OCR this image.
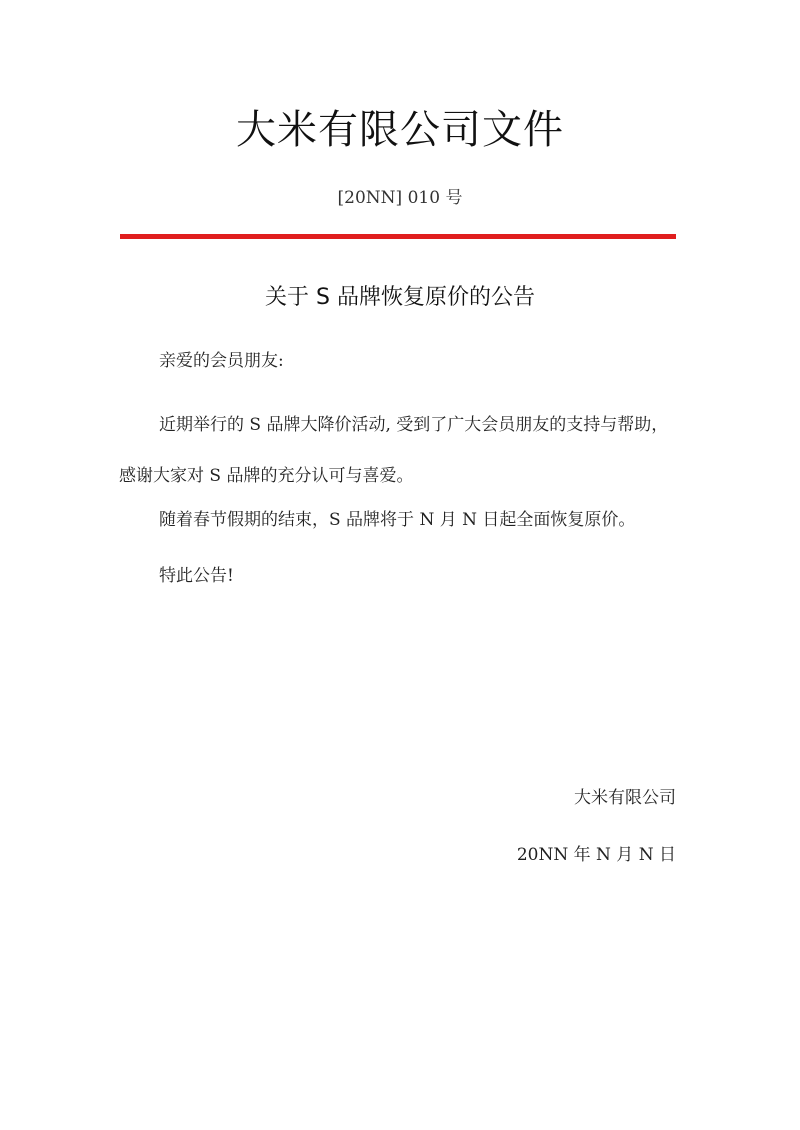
大米有限公司文件
[20NN] 010 号
关于 S 品牌恢复原价的公告
亲爱的会员朋友:
近期举行的 S 品牌大降价活动, 受到了广大会员朋友的支持与帮助，感谢大家对 S 品牌的充分认可与喜爱。
随着春节假期的结束，S 品牌将于 N 月 N 日起全面恢复原价。
特此公告!
大米有限公司
20NN 年 N 月 N 日
